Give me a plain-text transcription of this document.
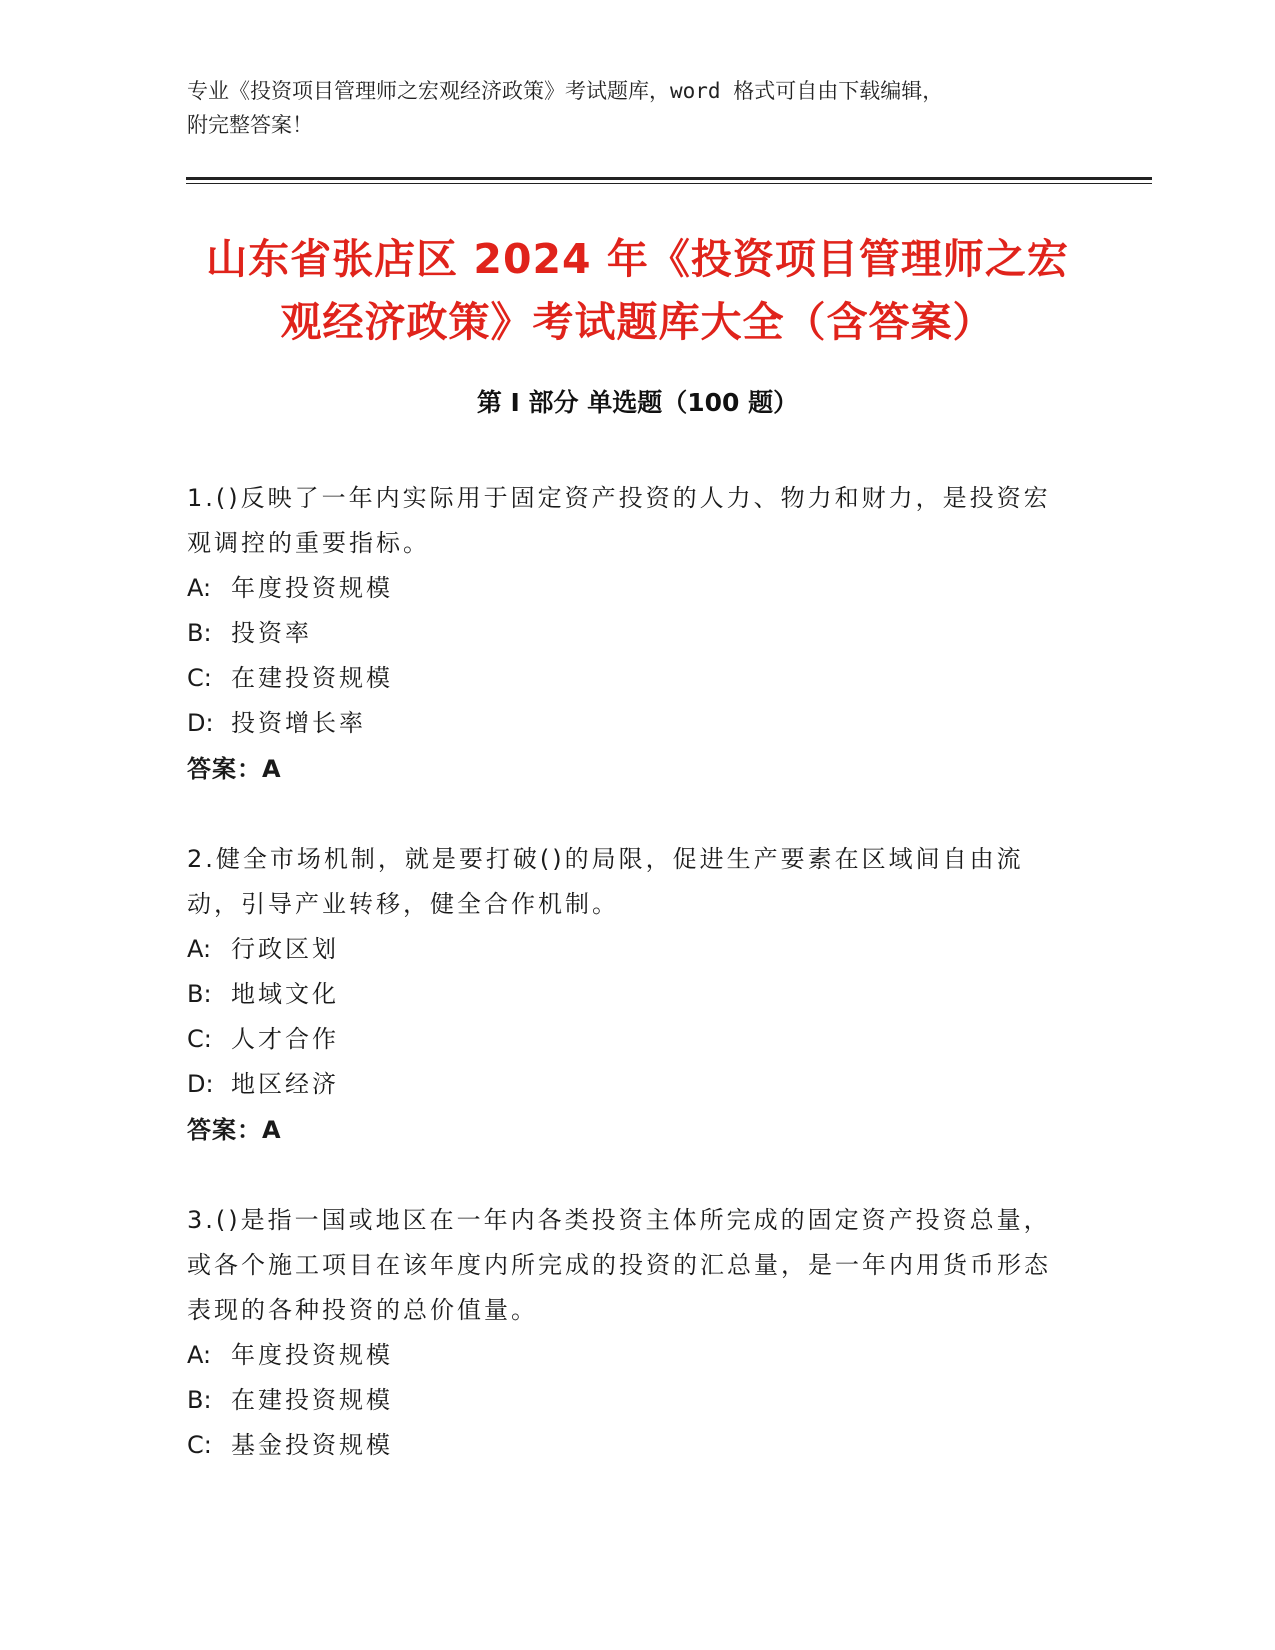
专业《投资项目管理师之宏观经济政策》考试题库，word 格式可自由下载编辑，
附完整答案！
山东省张店区 2024 年《投资项目管理师之宏
观经济政策》考试题库大全（含答案）
第 I 部分 单选题（100 题）
1.()反映了一年内实际用于固定资产投资的人力、物力和财力，是投资宏观调控的重要指标。
A: 年度投资规模
B: 投资率
C: 在建投资规模
D: 投资增长率
答案：A
2.健全市场机制，就是要打破()的局限，促进生产要素在区域间自由流动，引导产业转移，健全合作机制。
A: 行政区划
B: 地域文化
C: 人才合作
D: 地区经济
答案：A
3.()是指一国或地区在一年内各类投资主体所完成的固定资产投资总量，或各个施工项目在该年度内所完成的投资的汇总量，是一年内用货币形态表现的各种投资的总价值量。
A: 年度投资规模
B: 在建投资规模
C: 基金投资规模
